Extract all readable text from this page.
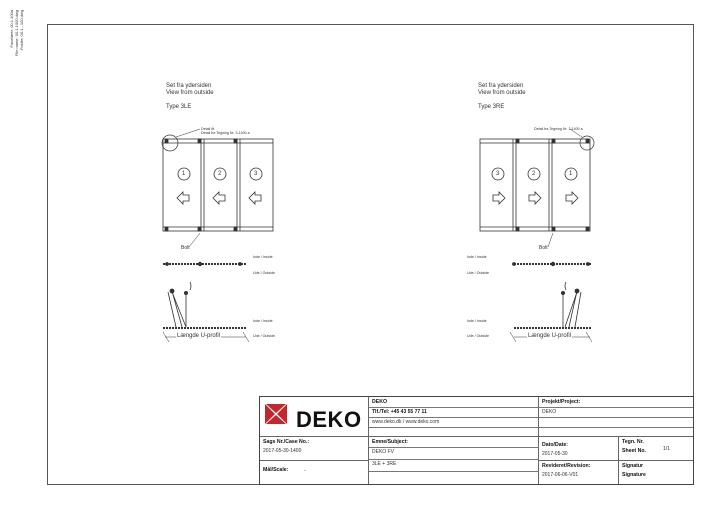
Fanefører: 00.1.100a File name: 00.1.1000.dwg Folder: 00.1 - 100 dwg
Set fra ydersiden
View from outside
Type 3LE
Detail ift.
Detail fra Tegning Nr. 3-1400 a
1	2	3
Bolt
Inde / Inside
Ude / Outside
Inde / Inside
Ude / Outside
Længde U-profil
Set fra ydersiden
View from outside
Type 3RE
Detail fra Tegning Nr. 3-1400 a
3	2	1
Bolt
Inde / Inside
Ude / Outside
Inde / Inside
Ude / Outside	Længde U-profil
DEKO
DEKO
Tlf./Tel: +45 43 55 77 11
www.deko.dk / www.deko.com
Projekt/Project:
DEKO
Sags Nr./Case No.:
2017-05-30-1400
Mål/Scale:	-
Emne/Subject:
DEKO FV
3LE + 3RE
Dato/Date:
2017-05-30
Tegn. Nr.
Sheet No.	1/1
Revideret/Revision:
2017-06-06-V01
Signatur
Signature
